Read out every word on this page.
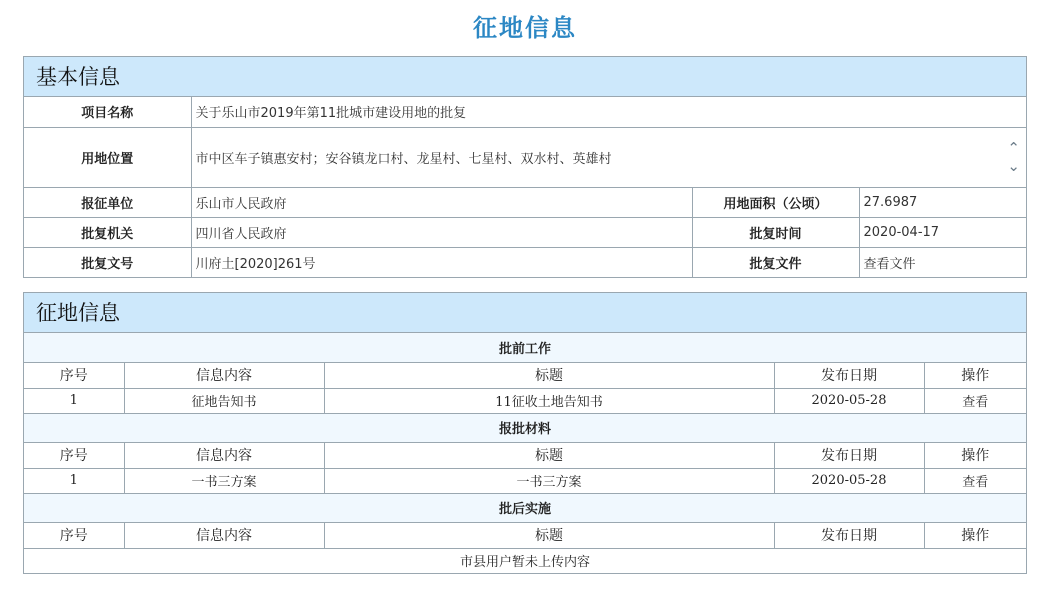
征地信息
基本信息
项目名称	关于乐山市2019年第11批城市建设用地的批复		
用地位置	市中区车子镇惠安村；安谷镇龙口村、龙星村、七星村、双水村、英雄村
⌃
⌄		

报征单位	乐山市人民政府	用地面积（公顷）	27.6987
批复机关	四川省人民政府	批复时间	2020-04-17
批复文号	川府土[2020]261号	批复文件	查看文件
征地信息
批前工作				
序号	信息内容	标题	发布日期	操作
1	征地告知书	11征收土地告知书	2020-05-28	查看
报批材料				
序号	信息内容	标题	发布日期	操作
1	一书三方案	一书三方案	2020-05-28	查看
批后实施				
序号	信息内容	标题	发布日期	操作
市县用户暂未上传内容				
